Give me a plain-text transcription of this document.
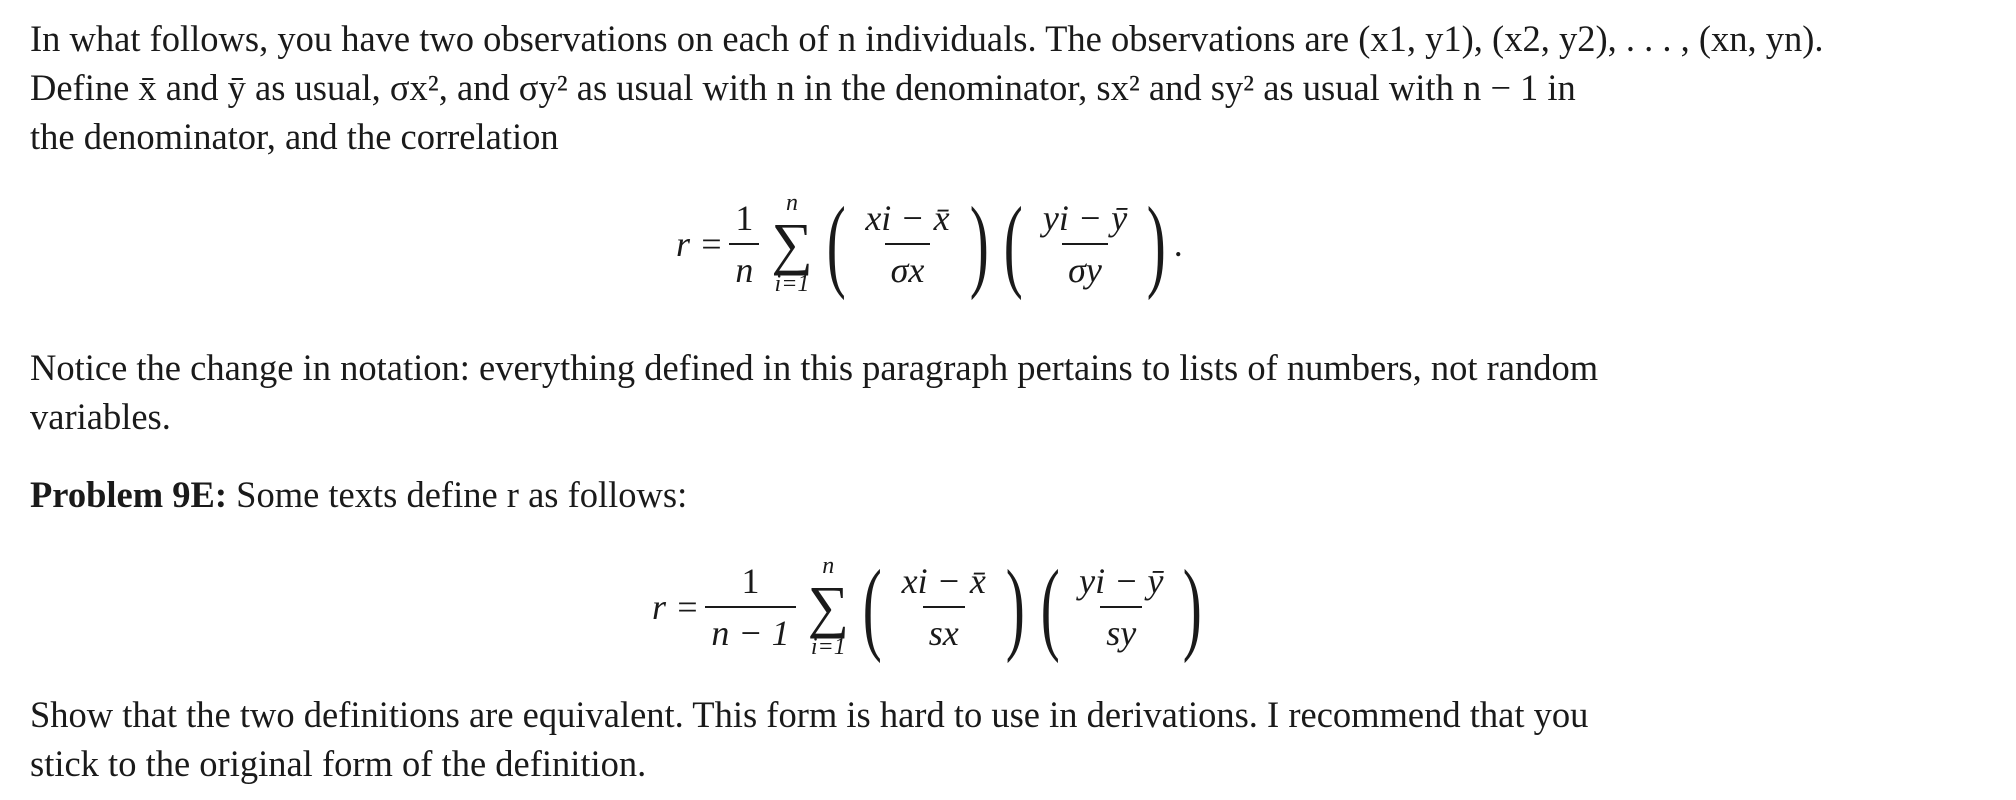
In what follows, you have two observations on each of n individuals. The observations are (x1, y1), (x2, y2), . . . , (xn, yn).
Define x̄ and ȳ as usual, σx², and σy² as usual with n in the denominator, sx² and sy² as usual with n − 1 in
the denominator, and the correlation
$r = \frac{1}{n}$ n
∑
i=1 ( $\frac{xi - x̄}{\sigma x}$ ) ( $\frac{yi - ȳ}{\sigma y}$ ) .
Notice the change in notation: everything defined in this paragraph pertains to lists of numbers, not random
variables.
Problem 9E: Some texts define r as follows:
$r = \frac{1}{n - 1}$ n
∑
i=1 ( $\frac{xi - x̄}{sx}$ ) ( $\frac{yi - ȳ}{sy}$ )
Show that the two definitions are equivalent. This form is hard to use in derivations. I recommend that you
stick to the original form of the definition.
